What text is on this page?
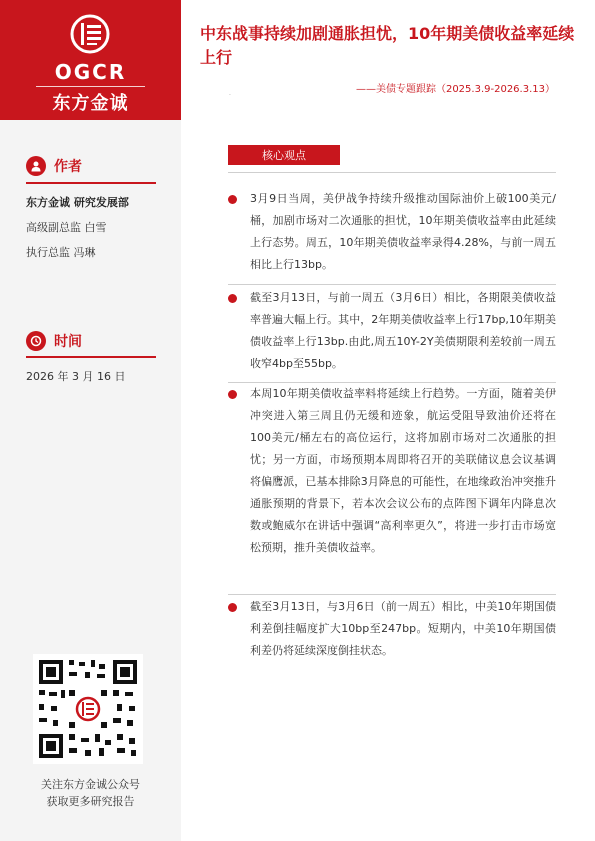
OGCR
东方金诚
作者
东方金诚 研究发展部
高级副总监 白雪
执行总监 冯琳
时间
2026 年 3 月 16 日
关注东方金诚公众号
获取更多研究报告
中东战事持续加剧通胀担忧，10年期美债收益率延续上行
——美债专题跟踪（2025.3.9-2026.3.13）
·
核心观点
3月9日当周，美伊战争持续升级推动国际油价上破100美元/桶，加剧市场对二次通胀的担忧，10年期美债收益率由此延续上行态势。周五，10年期美债收益率录得4.28%，与前一周五相比上行13bp。
截至3月13日，与前一周五（3月6日）相比，各期限美债收益率普遍大幅上行。其中，2年期美债收益率上行17bp,10年期美债收益率上行13bp.由此,周五10Y-2Y美债期限利差较前一周五收窄4bp至55bp。
本周10年期美债收益率料将延续上行趋势。一方面，随着美伊冲突进入第三周且仍无缓和迹象，航运受阻导致油价还将在100美元/桶左右的高位运行，这将加剧市场对二次通胀的担忧；另一方面，市场预期本周即将召开的美联储议息会议基调将偏鹰派，已基本排除3月降息的可能性，在地缘政治冲突推升通胀预期的背景下，若本次会议公布的点阵图下调年内降息次数或鲍威尔在讲话中强调“高利率更久”，将进一步打击市场宽松预期，推升美债收益率。
截至3月13日，与3月6日（前一周五）相比，中美10年期国债利差倒挂幅度扩大10bp至247bp。短期内，中美10年期国债利差仍将延续深度倒挂状态。
